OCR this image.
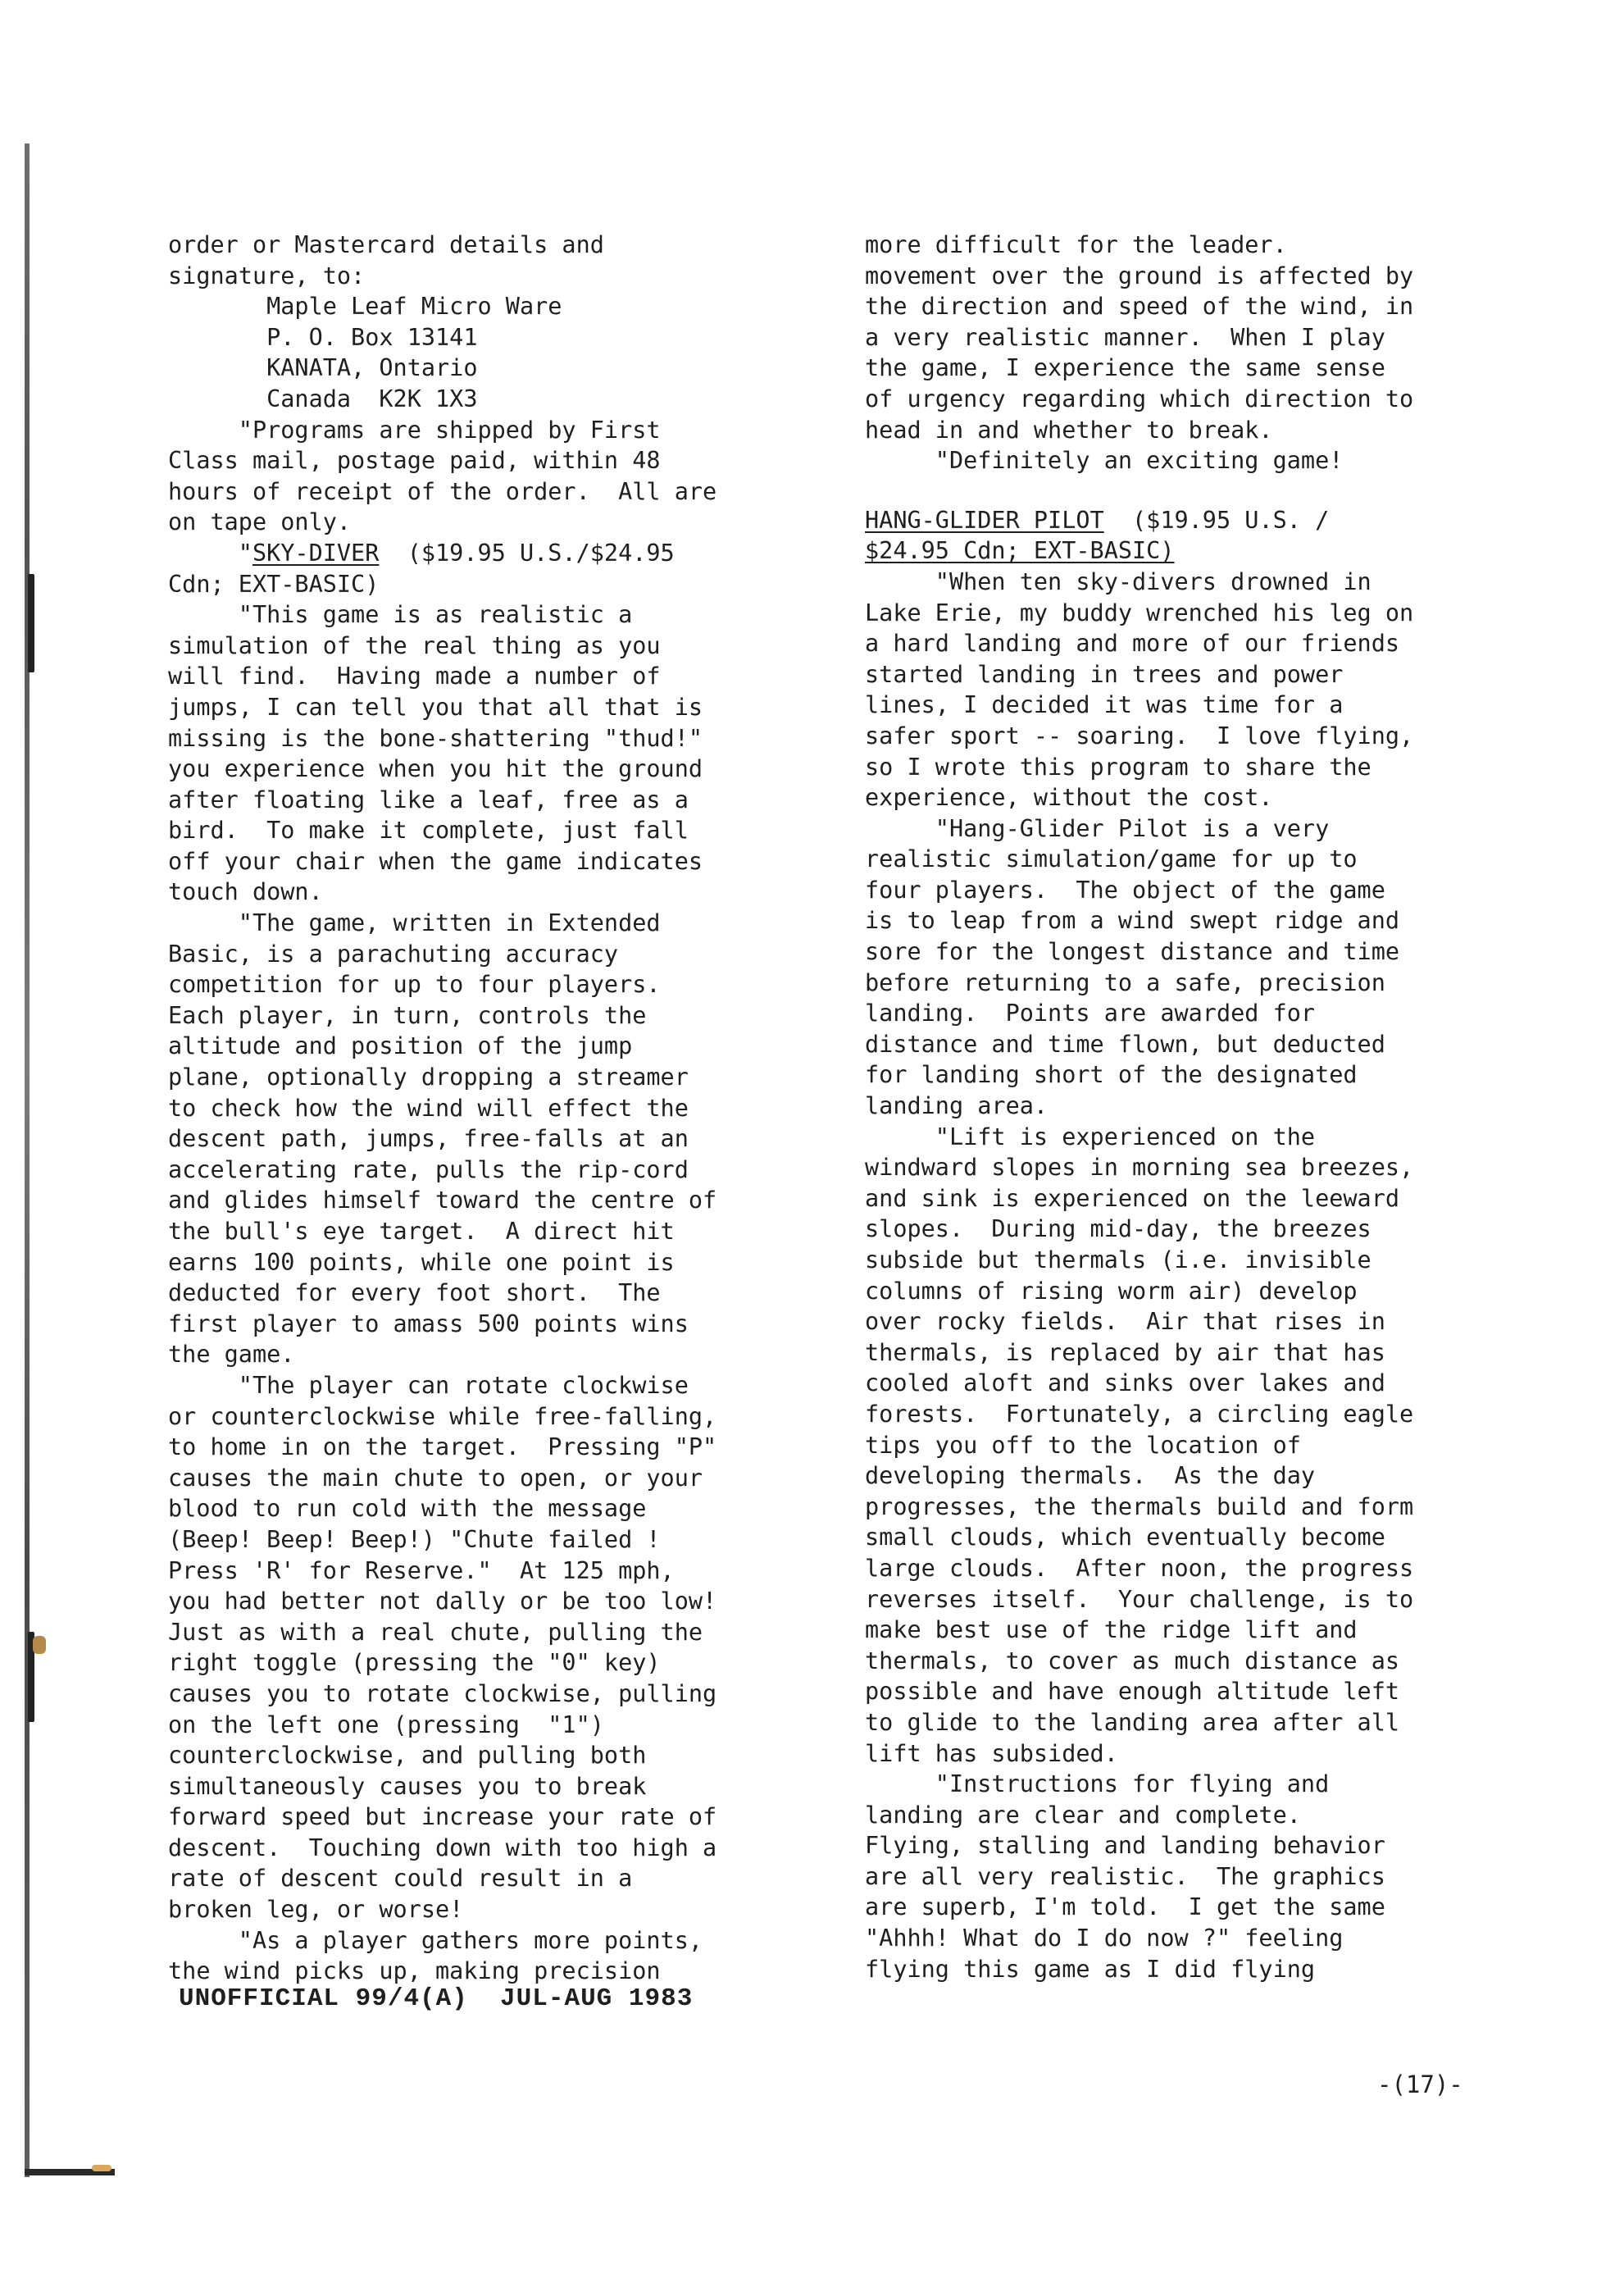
order or Mastercard details and
signature, to:
Maple Leaf Micro Ware
P. O. Box 13141
KANATA, Ontario
Canada  K2K 1X3
"Programs are shipped by First
Class mail, postage paid, within 48
hours of receipt of the order.  All are
on tape only.
"SKY-DIVER  ($19.95 U.S./$24.95
Cdn; EXT-BASIC)
"This game is as realistic a
simulation of the real thing as you
will find.  Having made a number of
jumps, I can tell you that all that is
missing is the bone-shattering "thud!"
you experience when you hit the ground
after floating like a leaf, free as a
bird.  To make it complete, just fall
off your chair when the game indicates
touch down.
"The game, written in Extended
Basic, is a parachuting accuracy
competition for up to four players.
Each player, in turn, controls the
altitude and position of the jump
plane, optionally dropping a streamer
to check how the wind will effect the
descent path, jumps, free-falls at an
accelerating rate, pulls the rip-cord
and glides himself toward the centre of
the bull's eye target.  A direct hit
earns 100 points, while one point is
deducted for every foot short.  The
first player to amass 500 points wins
the game.
"The player can rotate clockwise
or counterclockwise while free-falling,
to home in on the target.  Pressing "P"
causes the main chute to open, or your
blood to run cold with the message
(Beep! Beep! Beep!) "Chute failed !
Press 'R' for Reserve."  At 125 mph,
you had better not dally or be too low!
Just as with a real chute, pulling the
right toggle (pressing the "0" key)
causes you to rotate clockwise, pulling
on the left one (pressing  "1")
counterclockwise, and pulling both
simultaneously causes you to break
forward speed but increase your rate of
descent.  Touching down with too high a
rate of descent could result in a
broken leg, or worse!
"As a player gathers more points,
the wind picks up, making precision
more difficult for the leader.
movement over the ground is affected by
the direction and speed of the wind, in
a very realistic manner.  When I play
the game, I experience the same sense
of urgency regarding which direction to
head in and whether to break.
"Definitely an exciting game!
HANG-GLIDER PILOT  ($19.95 U.S. /
$24.95 Cdn; EXT-BASIC)
"When ten sky-divers drowned in
Lake Erie, my buddy wrenched his leg on
a hard landing and more of our friends
started landing in trees and power
lines, I decided it was time for a
safer sport -- soaring.  I love flying,
so I wrote this program to share the
experience, without the cost.
"Hang-Glider Pilot is a very
realistic simulation/game for up to
four players.  The object of the game
is to leap from a wind swept ridge and
sore for the longest distance and time
before returning to a safe, precision
landing.  Points are awarded for
distance and time flown, but deducted
for landing short of the designated
landing area.
"Lift is experienced on the
windward slopes in morning sea breezes,
and sink is experienced on the leeward
slopes.  During mid-day, the breezes
subside but thermals (i.e. invisible
columns of rising worm air) develop
over rocky fields.  Air that rises in
thermals, is replaced by air that has
cooled aloft and sinks over lakes and
forests.  Fortunately, a circling eagle
tips you off to the location of
developing thermals.  As the day
progresses, the thermals build and form
small clouds, which eventually become
large clouds.  After noon, the progress
reverses itself.  Your challenge, is to
make best use of the ridge lift and
thermals, to cover as much distance as
possible and have enough altitude left
to glide to the landing area after all
lift has subsided.
"Instructions for flying and
landing are clear and complete.
Flying, stalling and landing behavior
are all very realistic.  The graphics
are superb, I'm told.  I get the same
"Ahhh! What do I do now ?" feeling
flying this game as I did flying
UNOFFICIAL 99/4(A)  JUL-AUG 1983
-(17)-
